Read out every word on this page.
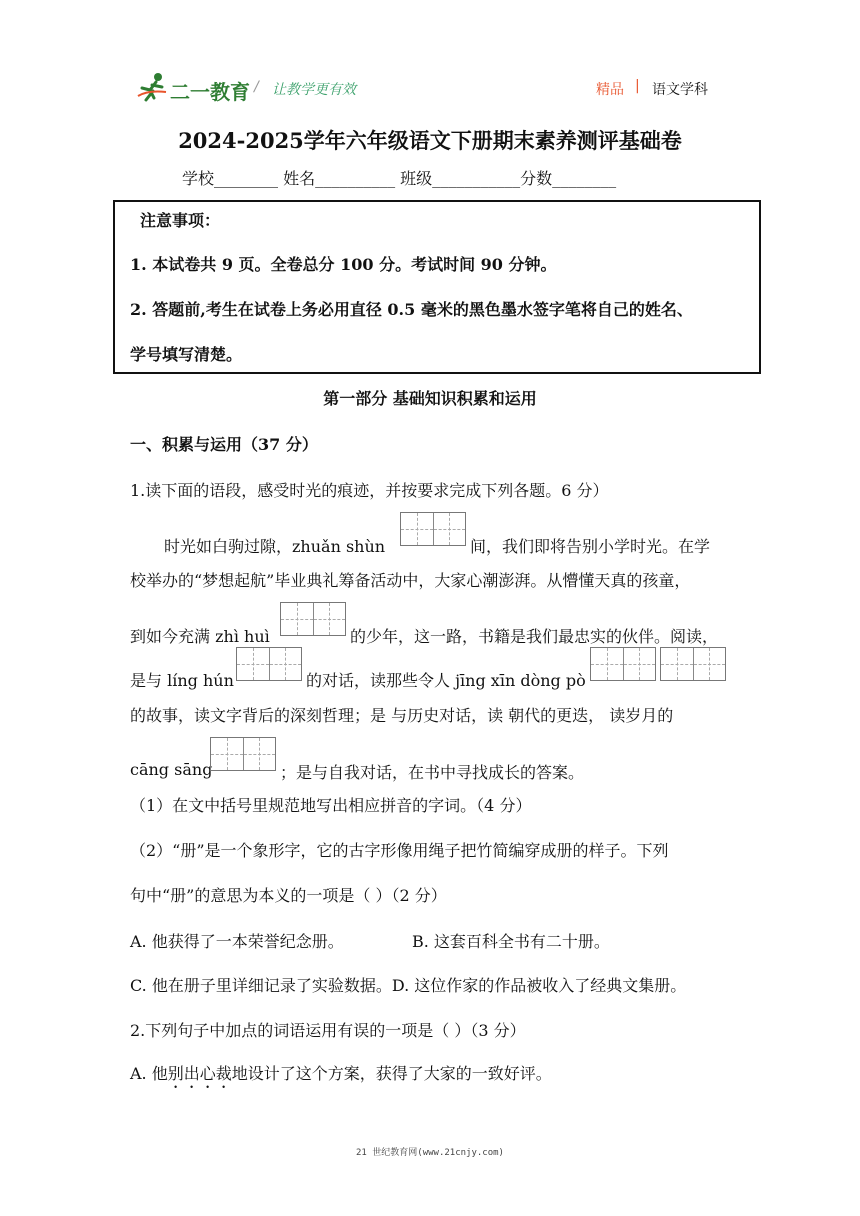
二一教育 / 让教学更有效	精品 | 语文学科
2024-2025学年六年级语文下册期末素养测评基础卷
学校________ 姓名__________ 班级___________分数________
注意事项：
1. 本试卷共 9 页。全卷总分 100 分。考试时间 90 分钟。
2. 答题前,考生在试卷上务必用直径 0.5 毫米的黑色墨水签字笔将自己的姓名、
学号填写清楚。
第一部分 基础知识积累和运用
一、积累与运用（37 分）
1.读下面的语段，感受时光的痕迹，并按要求完成下列各题。6 分）
时光如白驹过隙，zhuǎn shùn	间，我们即将告别小学时光。在学
校举办的“梦想起航”毕业典礼筹备活动中，大家心潮澎湃。从懵懂天真的孩童，
到如今充满 zhì huì	的少年，这一路，书籍是我们最忠实的伙伴。阅读，
是与 líng hún	的对话，读那些令人 jīng xīn dòng pò
的故事，读文字背后的深刻哲理；是 与历史对话，读 朝代的更迭， 读岁月的
cāng sāng	；是与自我对话，在书中寻找成长的答案。
（1）在文中括号里规范地写出相应拼音的字词。（4 分）
（2）“册”是一个象形字，它的古字形像用绳子把竹简编穿成册的样子。下列
句中“册”的意思为本义的一项是（ ）（2 分）
A. 他获得了一本荣誉纪念册。	B. 这套百科全书有二十册。
C. 他在册子里详细记录了实验数据。D. 这位作家的作品被收入了经典文集册。
2.下列句子中加点的词语运用有误的一项是（ ）（3 分）
A. 他别出心裁地设计了这个方案，获得了大家的一致好评。
21 世纪教育网(www.21cnjy.com)
